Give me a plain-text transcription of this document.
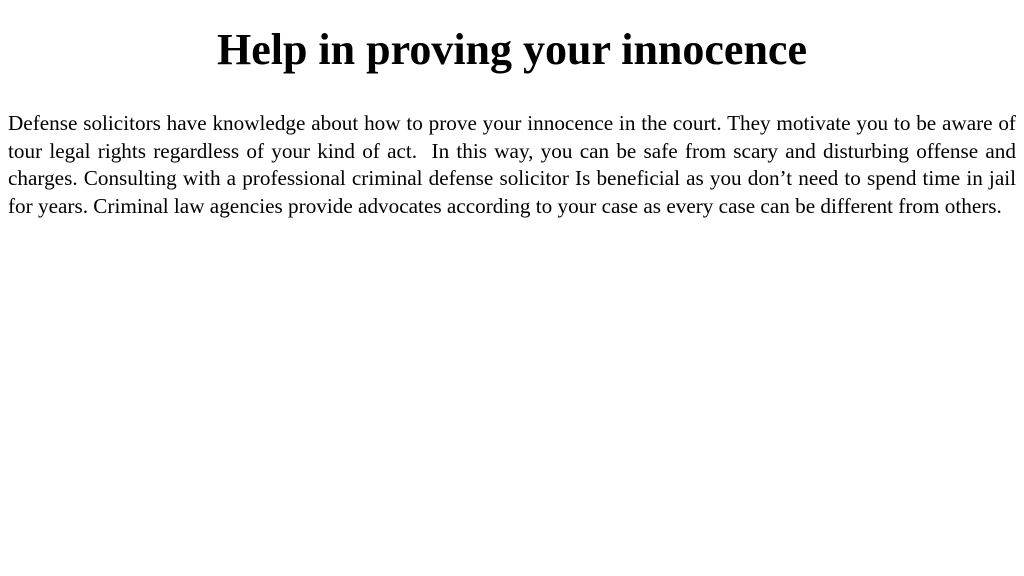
Help in proving your innocence

Defense solicitors have knowledge about how to prove your innocence in the court. They motivate you to be aware of tour legal rights regardless of your kind of act.  In this way, you can be safe from scary and disturbing offense and charges. Consulting with a professional criminal defense solicitor Is beneficial as you don’t need to spend time in jail for years. Criminal law agencies provide advocates according to your case as every case can be different from others.
